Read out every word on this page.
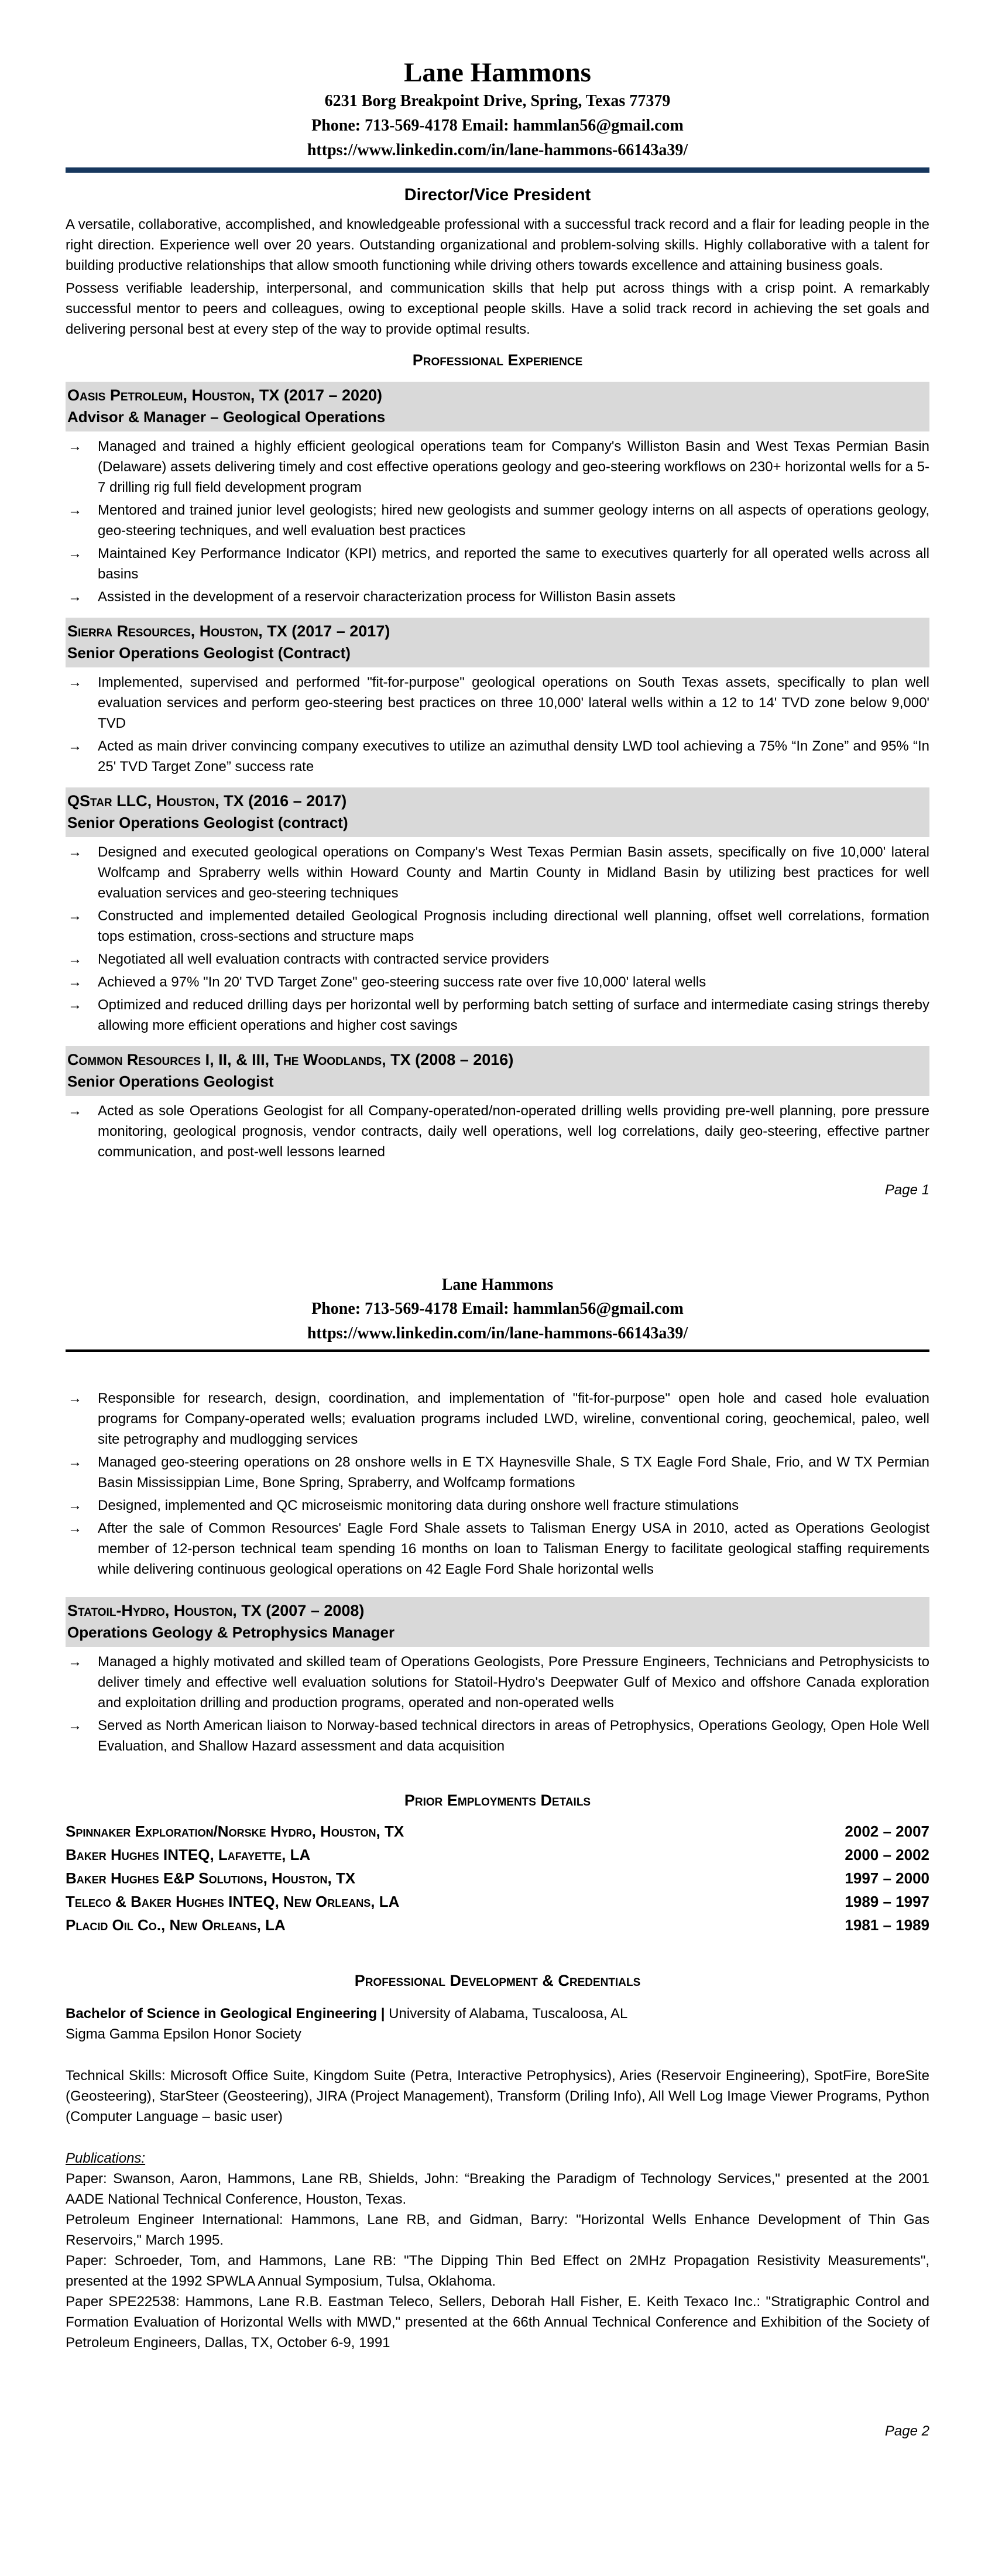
Lane Hammons
6231 Borg Breakpoint Drive, Spring, Texas 77379
Phone: 713-569-4178 Email: hammlan56@gmail.com
https://www.linkedin.com/in/lane-hammons-66143a39/
Director/Vice President

A versatile, collaborative, accomplished, and knowledgeable professional with a successful track record and a flair for leading people in the right direction. Experience well over 20 years. Outstanding organizational and problem-solving skills. Highly collaborative with a talent for building productive relationships that allow smooth functioning while driving others towards excellence and attaining business goals.

Possess verifiable leadership, interpersonal, and communication skills that help put across things with a crisp point. A remarkably successful mentor to peers and colleagues, owing to exceptional people skills. Have a solid track record in achieving the set goals and delivering personal best at every step of the way to provide optimal results.

Professional Experience
Oasis Petroleum, Houston, TX (2017 – 2020)
Advisor & Manager – Geological Operations
→ Managed and trained a highly efficient geological operations team for Company's Williston Basin and West Texas Permian Basin (Delaware) assets delivering timely and cost effective operations geology and geo-steering workflows on 230+ horizontal wells for a 5-7 drilling rig full field development program
→ Mentored and trained junior level geologists; hired new geologists and summer geology interns on all aspects of operations geology, geo-steering techniques, and well evaluation best practices
→ Maintained Key Performance Indicator (KPI) metrics, and reported the same to executives quarterly for all operated wells across all basins
→ Assisted in the development of a reservoir characterization process for Williston Basin assets
Sierra Resources, Houston, TX (2017 – 2017)
Senior Operations Geologist (Contract)
→ Implemented, supervised and performed "fit-for-purpose" geological operations on South Texas assets, specifically to plan well evaluation services and perform geo-steering best practices on three 10,000' lateral wells within a 12 to 14' TVD zone below 9,000' TVD
→ Acted as main driver convincing company executives to utilize an azimuthal density LWD tool achieving a 75% “In Zone” and 95% “In 25' TVD Target Zone” success rate
QStar LLC, Houston, TX (2016 – 2017)
Senior Operations Geologist (contract)
→ Designed and executed geological operations on Company's West Texas Permian Basin assets, specifically on five 10,000' lateral Wolfcamp and Spraberry wells within Howard County and Martin County in Midland Basin by utilizing best practices for well evaluation services and geo-steering techniques
→ Constructed and implemented detailed Geological Prognosis including directional well planning, offset well correlations, formation tops estimation, cross-sections and structure maps
→ Negotiated all well evaluation contracts with contracted service providers
→ Achieved a 97% "In 20' TVD Target Zone" geo-steering success rate over five 10,000' lateral wells
→ Optimized and reduced drilling days per horizontal well by performing batch setting of surface and intermediate casing strings thereby allowing more efficient operations and higher cost savings
Common Resources I, II, & III, The Woodlands, TX (2008 – 2016)
Senior Operations Geologist
→ Acted as sole Operations Geologist for all Company-operated/non-operated drilling wells providing pre-well planning, pore pressure monitoring, geological prognosis, vendor contracts, daily well operations, well log correlations, daily geo-steering, effective partner communication, and post-well lessons learned
Page 1
Lane Hammons
Phone: 713-569-4178 Email: hammlan56@gmail.com
https://www.linkedin.com/in/lane-hammons-66143a39/
→ Responsible for research, design, coordination, and implementation of "fit-for-purpose" open hole and cased hole evaluation programs for Company-operated wells; evaluation programs included LWD, wireline, conventional coring, geochemical, paleo, well site petrography and mudlogging services
→ Managed geo-steering operations on 28 onshore wells in E TX Haynesville Shale, S TX Eagle Ford Shale, Frio, and W TX Permian Basin Mississippian Lime, Bone Spring, Spraberry, and Wolfcamp formations
→ Designed, implemented and QC microseismic monitoring data during onshore well fracture stimulations
→ After the sale of Common Resources' Eagle Ford Shale assets to Talisman Energy USA in 2010, acted as Operations Geologist member of 12-person technical team spending 16 months on loan to Talisman Energy to facilitate geological staffing requirements while delivering continuous geological operations on 42 Eagle Ford Shale horizontal wells
Statoil-Hydro, Houston, TX (2007 – 2008)
Operations Geology & Petrophysics Manager
→ Managed a highly motivated and skilled team of Operations Geologists, Pore Pressure Engineers, Technicians and Petrophysicists to deliver timely and effective well evaluation solutions for Statoil-Hydro's Deepwater Gulf of Mexico and offshore Canada exploration and exploitation drilling and production programs, operated and non-operated wells
→ Served as North American liaison to Norway-based technical directors in areas of Petrophysics, Operations Geology, Open Hole Well Evaluation, and Shallow Hazard assessment and data acquisition
Prior Employments Details
Spinnaker Exploration/Norske Hydro, Houston, TX	2002 – 2007
Baker Hughes INTEQ, Lafayette, LA	2000 – 2002
Baker Hughes E&P Solutions, Houston, TX	1997 – 2000
Teleco & Baker Hughes INTEQ, New Orleans, LA	1989 – 1997
Placid Oil Co., New Orleans, LA	1981 – 1989
Professional Development & Credentials

Bachelor of Science in Geological Engineering | University of Alabama, Tuscaloosa, AL

Sigma Gamma Epsilon Honor Society

Technical Skills: Microsoft Office Suite, Kingdom Suite (Petra, Interactive Petrophysics), Aries (Reservoir Engineering), SpotFire, BoreSite (Geosteering), StarSteer (Geosteering), JIRA (Project Management), Transform (Driling Info), All Well Log Image Viewer Programs, Python (Computer Language – basic user)

Publications:

Paper: Swanson, Aaron, Hammons, Lane RB, Shields, John: “Breaking the Paradigm of Technology Services," presented at the 2001 AADE National Technical Conference, Houston, Texas.

Petroleum Engineer International: Hammons, Lane RB, and Gidman, Barry: "Horizontal Wells Enhance Development of Thin Gas Reservoirs," March 1995.

Paper: Schroeder, Tom, and Hammons, Lane RB: "The Dipping Thin Bed Effect on 2MHz Propagation Resistivity Measurements", presented at the 1992 SPWLA Annual Symposium, Tulsa, Oklahoma.

Paper SPE22538: Hammons, Lane R.B. Eastman Teleco, Sellers, Deborah Hall Fisher, E. Keith Texaco Inc.: "Stratigraphic Control and Formation Evaluation of Horizontal Wells with MWD," presented at the 66th Annual Technical Conference and Exhibition of the Society of Petroleum Engineers, Dallas, TX, October 6-9, 1991

Page 2
